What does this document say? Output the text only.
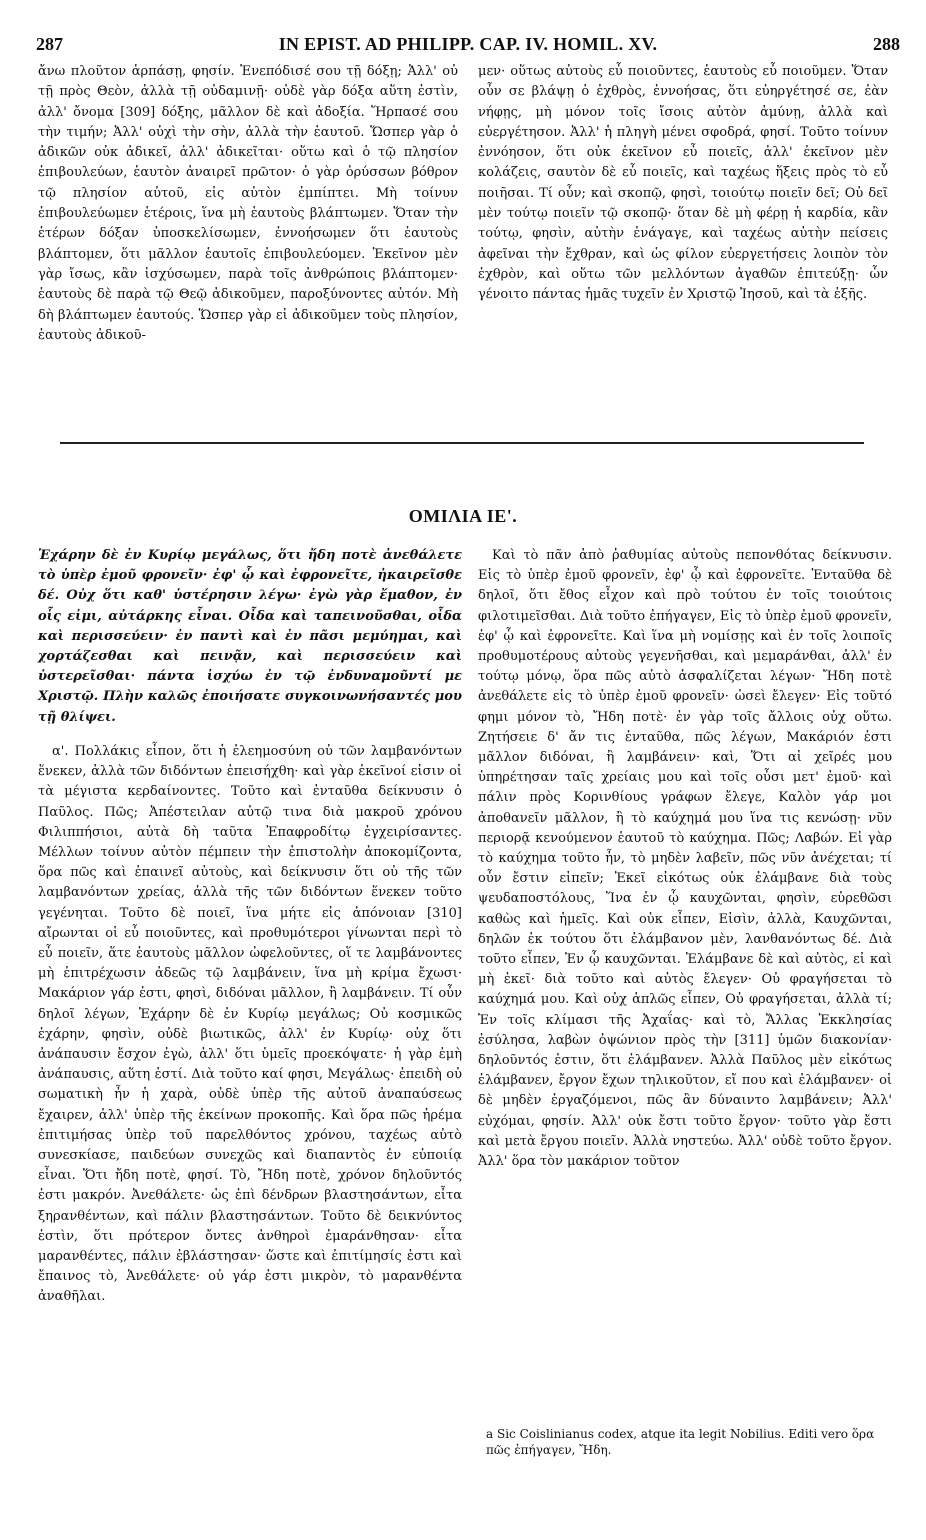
287	IN EPIST. AD PHILIPP. CAP. IV. HOMIL. XV.	288

ἄνω πλοῦτον ἁρπάσῃ, φησίν. Ἐνεπόδισέ σου τῇ δόξῃ; Ἀλλ' οὐ τῇ πρὸς Θεὸν, ἀλλὰ τῇ οὐδαμινῇ· οὐδὲ γὰρ δόξα αὕτη ἐστὶν, ἀλλ' ὄνομα [309] δόξης, μᾶλλον δὲ καὶ ἀδοξία. Ἥρπασέ σου τὴν τιμήν; Ἀλλ' οὐχὶ τὴν σὴν, ἀλλὰ τὴν ἑαυτοῦ. Ὥσπερ γὰρ ὁ ἀδικῶν οὐκ ἀδικεῖ, ἀλλ' ἀδικεῖται· οὕτω καὶ ὁ τῷ πλησίον ἐπιβουλεύων, ἑαυτὸν ἀναιρεῖ πρῶτον· ὁ γὰρ ὀρύσσων βόθρον τῷ πλησίον αὐτοῦ, εἰς αὐτὸν ἐμπίπτει. Μὴ τοίνυν ἐπιβουλεύωμεν ἑτέροις, ἵνα μὴ ἑαυτοὺς βλάπτωμεν. Ὅταν τὴν ἑτέρων δόξαν ὑποσκελίσωμεν, ἐννοήσωμεν ὅτι ἑαυτοὺς βλάπτομεν, ὅτι μᾶλλον ἑαυτοῖς ἐπιβουλεύομεν. Ἐκεῖνον μὲν γὰρ ἴσως, κἂν ἰσχύσωμεν, παρὰ τοῖς ἀνθρώποις βλάπτομεν· ἑαυτοὺς δὲ παρὰ τῷ Θεῷ ἀδικοῦμεν, παροξύνοντες αὐτόν. Μὴ δὴ βλάπτωμεν ἑαυτούς. Ὥσπερ γὰρ εἰ ἀδικοῦμεν τοὺς πλησίον, ἑαυτοὺς ἀδικοῦ-

μεν· οὕτως αὐτοὺς εὖ ποιοῦντες, ἑαυτοὺς εὖ ποιοῦμεν. Ὅταν οὖν σε βλάψῃ ὁ ἐχθρὸς, ἐννοήσας, ὅτι εὐηργέτησέ σε, ἐὰν νήφῃς, μὴ μόνον τοῖς ἴσοις αὐτὸν ἀμύνῃ, ἀλλὰ καὶ εὐεργέτησον. Ἀλλ' ἡ πληγὴ μένει σφοδρά, φησί. Τοῦτο τοίνυν ἐννόησον, ὅτι οὐκ ἐκεῖνον εὖ ποιεῖς, ἀλλ' ἐκεῖνον μὲν κολάζεις, σαυτὸν δὲ εὖ ποιεῖς, καὶ ταχέως ἥξεις πρὸς τὸ εὖ ποιῆσαι. Τί οὖν; καὶ σκοπῷ, φησὶ, τοιούτῳ ποιεῖν δεῖ; Οὐ δεῖ μὲν τούτῳ ποιεῖν τῷ σκοπῷ· ὅταν δὲ μὴ φέρῃ ἡ καρδία, κἂν τούτῳ, φησὶν, αὐτὴν ἐνάγαγε, καὶ ταχέως αὐτὴν πείσεις ἀφεῖναι τὴν ἔχθραν, καὶ ὡς φίλον εὐεργετήσεις λοιπὸν τὸν ἐχθρὸν, καὶ οὕτω τῶν μελλόντων ἀγαθῶν ἐπιτεύξῃ· ὧν γένοιτο πάντας ἡμᾶς τυχεῖν ἐν Χριστῷ Ἰησοῦ, καὶ τὰ ἑξῆς.

ΟΜΙΛΙΑ ΙΕ'.

Ἐχάρην δὲ ἐν Κυρίῳ μεγάλως, ὅτι ἤδη ποτὲ ἀνεθάλετε τὸ ὑπὲρ ἐμοῦ φρονεῖν· ἐφ' ᾧ καὶ ἐφρονεῖτε, ἠκαιρεῖσθε δέ. Οὐχ ὅτι καθ' ὑστέρησιν λέγω· ἐγὼ γὰρ ἔμαθον, ἐν οἷς εἰμι, αὐτάρκης εἶναι. Οἶδα καὶ ταπεινοῦσθαι, οἶδα καὶ περισσεύειν· ἐν παντὶ καὶ ἐν πᾶσι μεμύημαι, καὶ χορτάζεσθαι καὶ πεινᾷν, καὶ περισσεύειν καὶ ὑστερεῖσθαι· πάντα ἰσχύω ἐν τῷ ἐνδυναμοῦντί με Χριστῷ. Πλὴν καλῶς ἐποιήσατε συγκοινωνήσαντές μου τῇ θλίψει.

α'. Πολλάκις εἶπον, ὅτι ἡ ἐλεημοσύνη οὐ τῶν λαμβανόντων ἕνεκεν, ἀλλὰ τῶν διδόντων ἐπεισήχθη· καὶ γὰρ ἐκεῖνοί εἰσιν οἱ τὰ μέγιστα κερδαίνοντες. Τοῦτο καὶ ἐνταῦθα δείκνυσιν ὁ Παῦλος. Πῶς; Ἀπέστειλαν αὐτῷ τινα διὰ μακροῦ χρόνου Φιλιππήσιοι, αὐτὰ δὴ ταῦτα Ἐπαφροδίτῳ ἐγχειρίσαντες. Μέλλων τοίνυν αὐτὸν πέμπειν τὴν ἐπιστολὴν ἀποκομίζοντα, ὅρα πῶς καὶ ἐπαινεῖ αὐτοὺς, καὶ δείκνυσιν ὅτι οὐ τῆς τῶν λαμβανόντων χρείας, ἀλλὰ τῆς τῶν διδόντων ἕνεκεν τοῦτο γεγένηται. Τοῦτο δὲ ποιεῖ, ἵνα μήτε εἰς ἀπόνοιαν [310] αἴρωνται οἱ εὖ ποιοῦντες, καὶ προθυμότεροι γίνωνται περὶ τὸ εὖ ποιεῖν, ἅτε ἑαυτοὺς μᾶλλον ὠφελοῦντες, οἵ τε λαμβάνοντες μὴ ἐπιτρέχωσιν ἀδεῶς τῷ λαμβάνειν, ἵνα μὴ κρίμα ἔχωσι· Μακάριον γάρ ἐστι, φησὶ, διδόναι μᾶλλον, ἢ λαμβάνειν. Τί οὖν δηλοῖ λέγων, Ἐχάρην δὲ ἐν Κυρίῳ μεγάλως; Οὐ κοσμικῶς ἐχάρην, φησὶν, οὐδὲ βιωτικῶς, ἀλλ' ἐν Κυρίῳ· οὐχ ὅτι ἀνάπαυσιν ἔσχον ἐγὼ, ἀλλ' ὅτι ὑμεῖς προεκόψατε· ἡ γὰρ ἐμὴ ἀνάπαυσις, αὕτη ἐστί. Διὰ τοῦτο καί φησι, Μεγάλως· ἐπειδὴ οὐ σωματικὴ ἦν ἡ χαρὰ, οὐδὲ ὑπὲρ τῆς αὐτοῦ ἀναπαύσεως ἔχαιρεν, ἀλλ' ὑπὲρ τῆς ἐκείνων προκοπῆς. Καὶ ὅρα πῶς ἠρέμα ἐπιτιμήσας ὑπὲρ τοῦ παρελθόντος χρόνου, ταχέως αὐτὸ συνεσκίασε, παιδεύων συνεχῶς καὶ διαπαντὸς ἐν εὐποιίᾳ εἶναι. Ὅτι ἤδη ποτὲ, φησί. Τὸ, Ἤδη ποτὲ, χρόνον δηλοῦντός ἐστι μακρόν. Ἀνεθάλετε· ὡς ἐπὶ δένδρων βλαστησάντων, εἶτα ξηρανθέντων, καὶ πάλιν βλαστησάντων. Τοῦτο δὲ δεικνύντος ἐστὶν, ὅτι πρότερον ὄντες ἀνθηροὶ ἐμαράνθησαν· εἶτα μαρανθέντες, πάλιν ἐβλάστησαν· ὥστε καὶ ἐπιτίμησίς ἐστι καὶ ἔπαινος τὸ, Ἀνεθάλετε· οὐ γάρ ἐστι μικρὸν, τὸ μαρανθέντα ἀναθῆλαι.

Καὶ τὸ πᾶν ἀπὸ ῥαθυμίας αὐτοὺς πεπονθότας δείκνυσιν. Εἰς τὸ ὑπὲρ ἐμοῦ φρονεῖν, ἐφ' ᾧ καὶ ἐφρονεῖτε. Ἐνταῦθα δὲ δηλοῖ, ὅτι ἔθος εἶχον καὶ πρὸ τούτου ἐν τοῖς τοιούτοις φιλοτιμεῖσθαι. Διὰ τοῦτο ἐπήγαγεν, Εἰς τὸ ὑπὲρ ἐμοῦ φρονεῖν, ἐφ' ᾧ καὶ ἐφρονεῖτε. Καὶ ἵνα μὴ νομίσῃς καὶ ἐν τοῖς λοιποῖς προθυμοτέρους αὐτοὺς γεγενῆσθαι, καὶ μεμαράνθαι, ἀλλ' ἐν τούτῳ μόνῳ, ὅρα πῶς αὐτὸ ἀσφαλίζεται λέγων· Ἤδη ποτὲ ἀνεθάλετε εἰς τὸ ὑπὲρ ἐμοῦ φρονεῖν· ὡσεὶ ἔλεγεν· Εἰς τοῦτό φημι μόνον τὸ, Ἤδη ποτὲ· ἐν γὰρ τοῖς ἄλλοις οὐχ οὕτω. Ζητήσειε δ' ἄν τις ἐνταῦθα, πῶς λέγων, Μακάριόν ἐστι μᾶλλον διδόναι, ἢ λαμβάνειν· καὶ, Ὅτι αἱ χεῖρές μου ὑπηρέτησαν ταῖς χρείαις μου καὶ τοῖς οὖσι μετ' ἐμοῦ· καὶ πάλιν πρὸς Κορινθίους γράφων ἔλεγε, Καλὸν γάρ μοι ἀποθανεῖν μᾶλλον, ἢ τὸ καύχημά μου ἵνα τις κενώσῃ· νῦν περιορᾷ κενούμενον ἑαυτοῦ τὸ καύχημα. Πῶς; Λαβών. Εἰ γὰρ τὸ καύχημα τοῦτο ἦν, τὸ μηδὲν λαβεῖν, πῶς νῦν ἀνέχεται; τί οὖν ἔστιν εἰπεῖν; Ἐκεῖ εἰκότως οὐκ ἐλάμβανε διὰ τοὺς ψευδαποστόλους, Ἵνα ἐν ᾧ καυχῶνται, φησὶν, εὑρεθῶσι καθὼς καὶ ἡμεῖς. Καὶ οὐκ εἶπεν, Εἰσὶν, ἀλλὰ, Καυχῶνται, δηλῶν ἐκ τούτου ὅτι ἐλάμβανον μὲν, λανθανόντως δέ. Διὰ τοῦτο εἶπεν, Ἐν ᾧ καυχῶνται. Ἐλάμβανε δὲ καὶ αὐτὸς, εἰ καὶ μὴ ἐκεῖ· διὰ τοῦτο καὶ αὐτὸς ἔλεγεν· Οὐ φραγήσεται τὸ καύχημά μου. Καὶ οὐχ ἁπλῶς εἶπεν, Οὐ φραγήσεται, ἀλλὰ τί; Ἐν τοῖς κλίμασι τῆς Ἀχαΐας· καὶ τὸ, Ἄλλας Ἐκκλησίας ἐσύλησα, λαβὼν ὀψώνιον πρὸς τὴν [311] ὑμῶν διακονίαν· δηλοῦντός ἐστιν, ὅτι ἐλάμβανεν. Ἀλλὰ Παῦλος μὲν εἰκότως ἐλάμβανεν, ἔργον ἔχων τηλικοῦτον, εἴ που καὶ ἐλάμβανεν· οἱ δὲ μηδὲν ἐργαζόμενοι, πῶς ἂν δύναιντο λαμβάνειν; Ἀλλ' εὐχόμαι, φησίν. Ἀλλ' οὐκ ἔστι τοῦτο ἔργον· τοῦτο γὰρ ἔστι καὶ μετὰ ἔργου ποιεῖν. Ἀλλὰ νηστεύω. Ἀλλ' οὐδὲ τοῦτο ἔργον. Ἀλλ' ὅρα τὸν μακάριον τοῦτον

a Sic Coislinianus codex, atque ita legit Nobilius. Editi vero ὅρα πῶς ἐπήγαγεν, Ἤδη.
